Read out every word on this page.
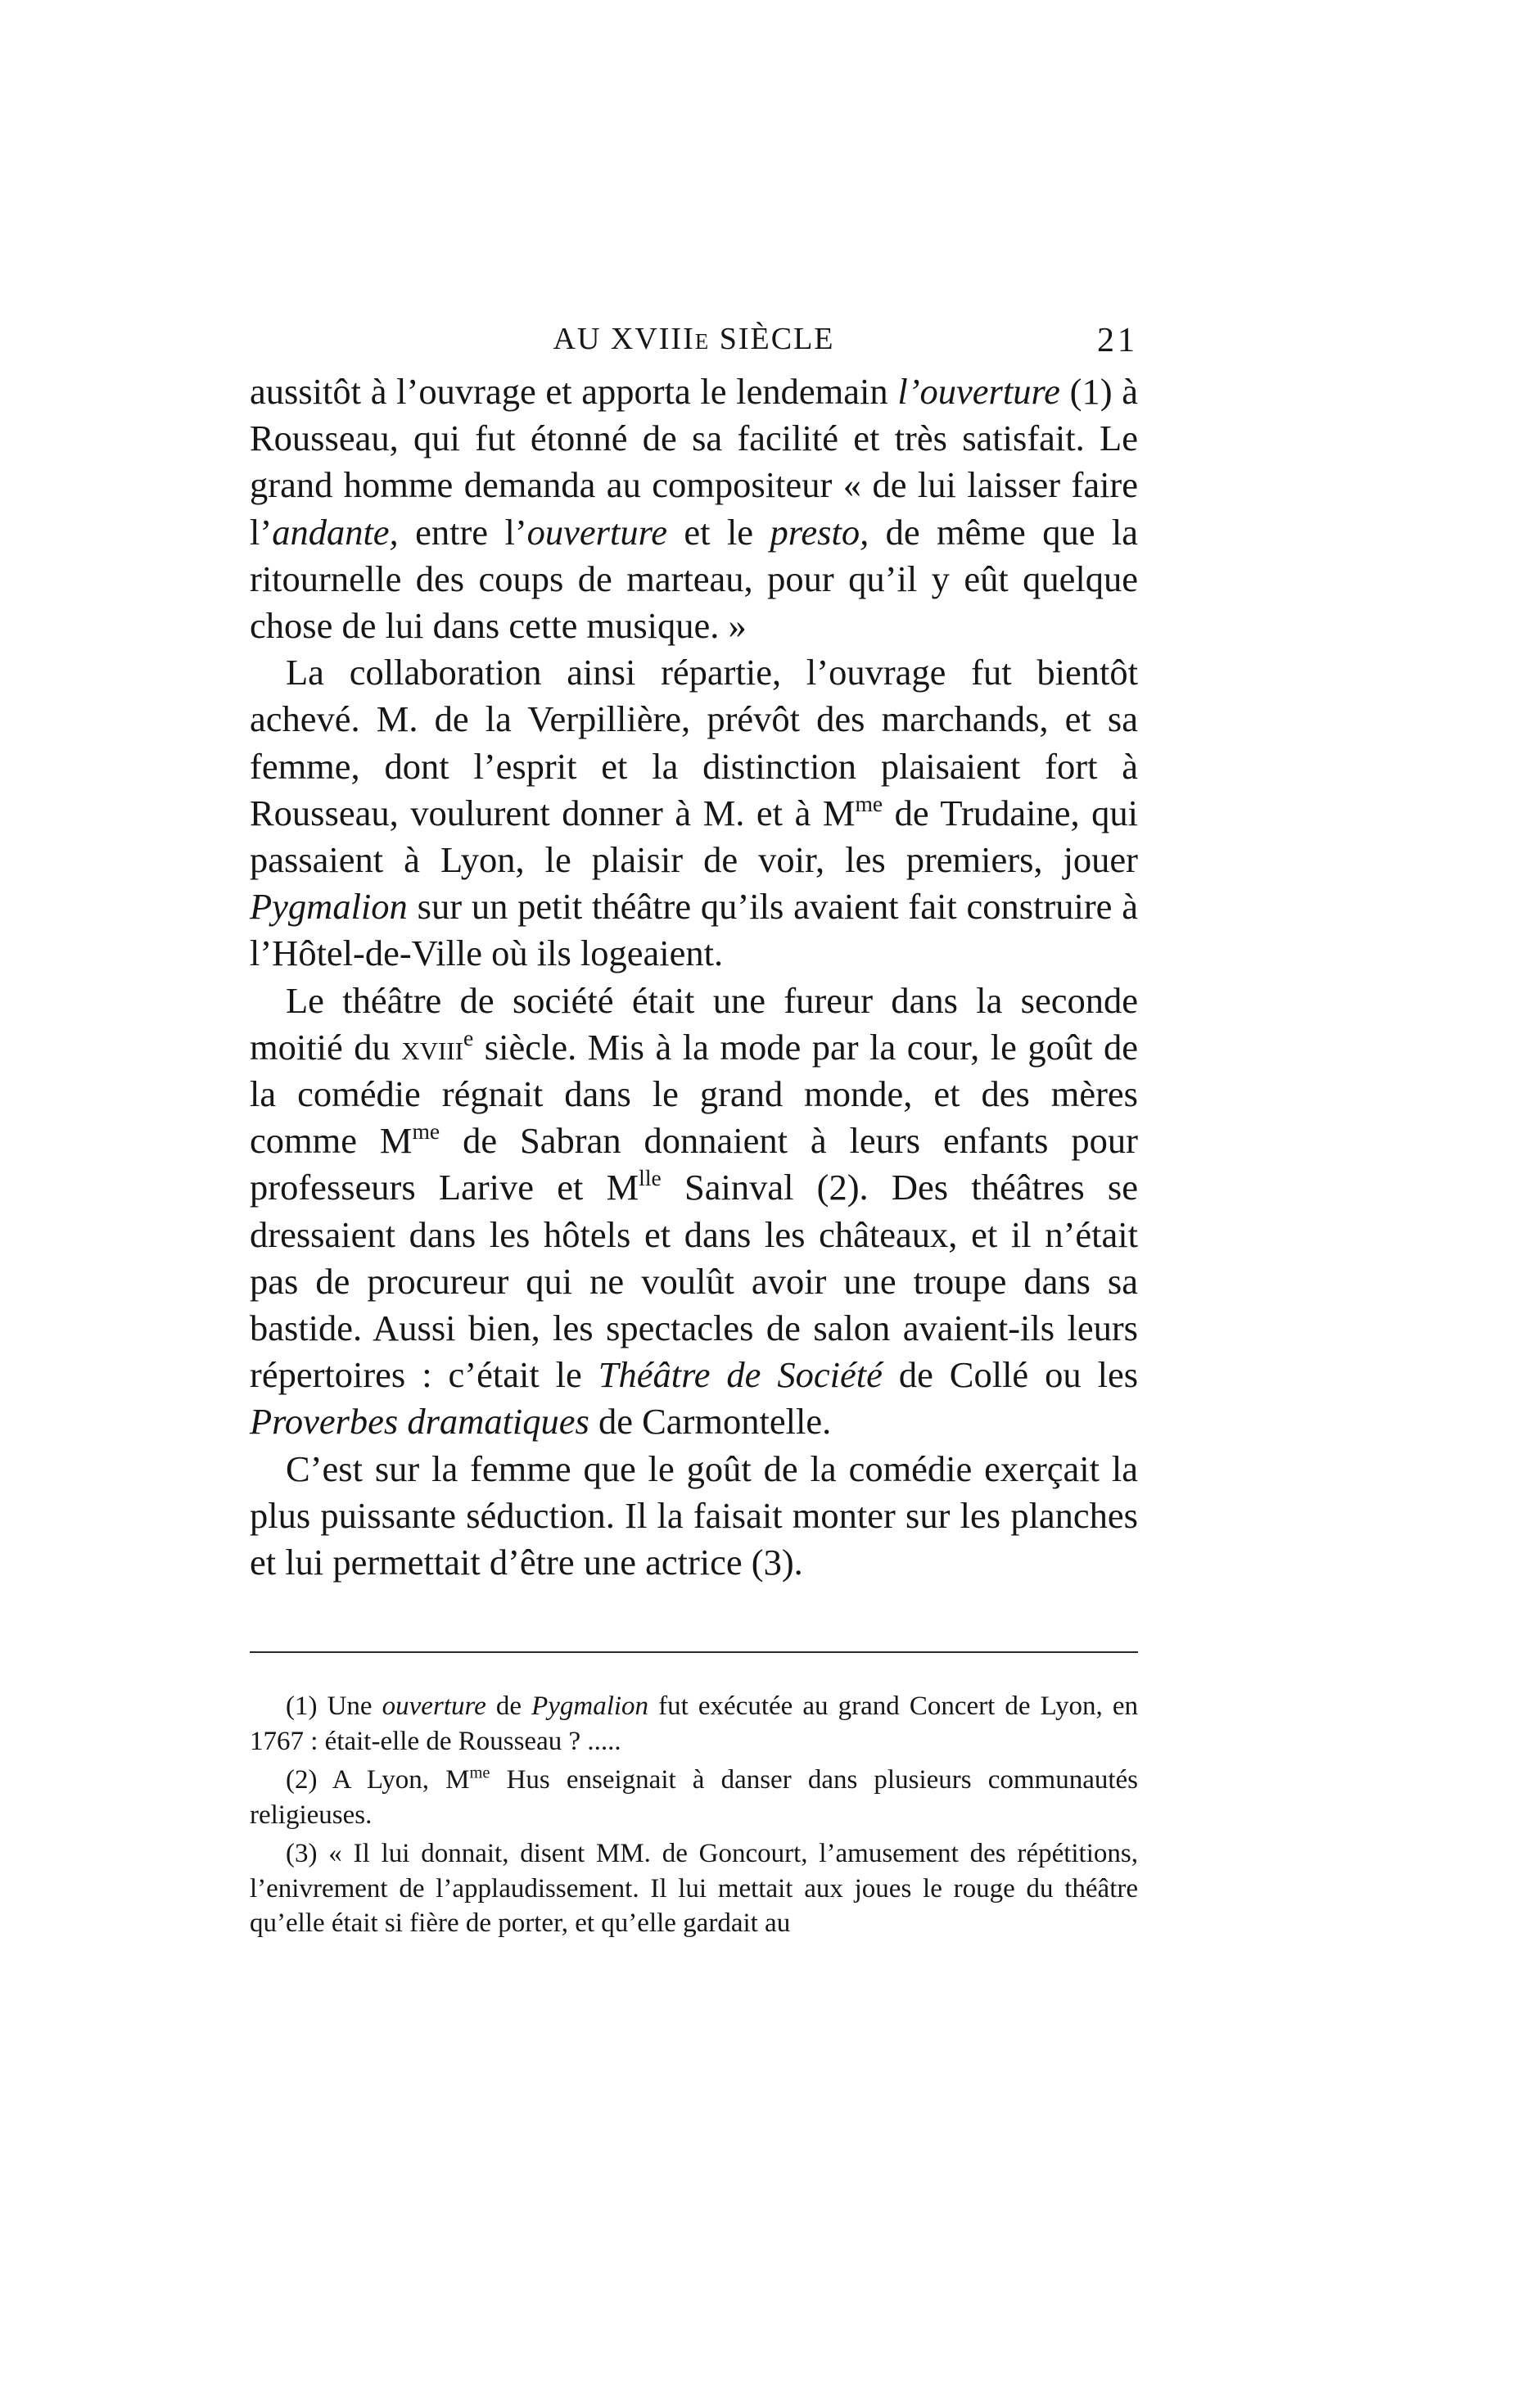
AU XVIIIe SIÈCLE	21

aussitôt à l’ouvrage et apporta le lendemain l’ouverture (1) à Rousseau, qui fut étonné de sa facilité et très satisfait. Le grand homme demanda au compositeur « de lui laisser faire l’andante, entre l’ouverture et le presto, de même que la ritournelle des coups de marteau, pour qu’il y eût quelque chose de lui dans cette musique. »

La collaboration ainsi répartie, l’ouvrage fut bientôt achevé. M. de la Verpillière, prévôt des marchands, et sa femme, dont l’esprit et la distinction plaisaient fort à Rousseau, voulurent donner à M. et à $M^{me}$ de Trudaine, qui passaient à Lyon, le plaisir de voir, les premiers, jouer Pygmalion sur un petit théâtre qu’ils avaient fait construire à l’Hôtel-de-Ville où ils logeaient.

Le théâtre de société était une fureur dans la seconde moitié du xviii$^e$ siècle. Mis à la mode par la cour, le goût de la comédie régnait dans le grand monde, et des mères comme $M^{me}$ de Sabran donnaient à leurs enfants pour professeurs Larive et $M^{lle}$ Sainval (2). Des théâtres se dressaient dans les hôtels et dans les châteaux, et il n’était pas de procureur qui ne voulût avoir une troupe dans sa bastide. Aussi bien, les spectacles de salon avaient-ils leurs répertoires : c’était le Théâtre de Société de Collé ou les Proverbes dramatiques de Carmontelle.

C’est sur la femme que le goût de la comédie exerçait la plus puissante séduction. Il la faisait monter sur les planches et lui permettait d’être une actrice (3).

(1) Une ouverture de Pygmalion fut exécutée au grand Concert de Lyon, en 1767 : était-elle de Rousseau ? .....

(2) A Lyon, $M^{me}$ Hus enseignait à danser dans plusieurs communautés religieuses.

(3) « Il lui donnait, disent MM. de Goncourt, l’amusement des répétitions, l’enivrement de l’applaudissement. Il lui mettait aux joues le rouge du théâtre qu’elle était si fière de porter, et qu’elle gardait au
